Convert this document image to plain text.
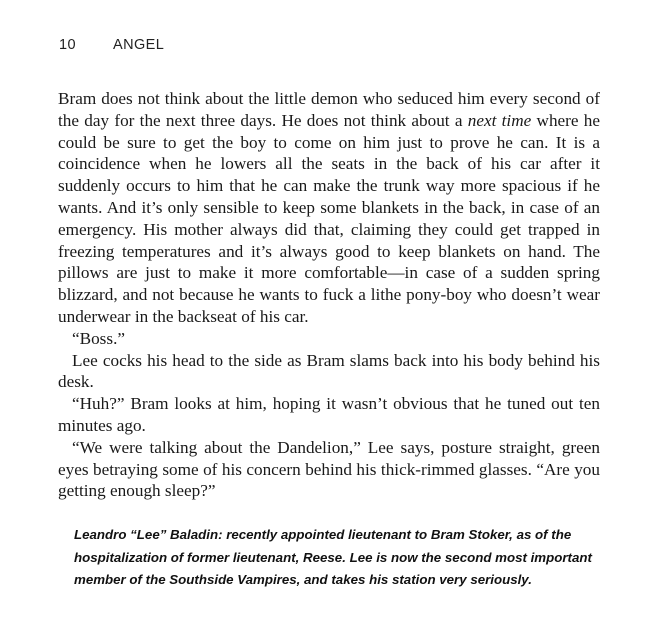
10	ANGEL

Bram does not think about the little demon who seduced him every second of the day for the next three days. He does not think about a next time where he could be sure to get the boy to come on him just to prove he can. It is a coincidence when he lowers all the seats in the back of his car after it suddenly occurs to him that he can make the trunk way more spacious if he wants. And it’s only sensible to keep some blankets in the back, in case of an emergency. His mother always did that, claiming they could get trapped in freezing temperatures and it’s always good to keep blankets on hand. The pillows are just to make it more comfortable—in case of a sudden spring blizzard, and not because he wants to fuck a lithe pony-boy who doesn’t wear underwear in the backseat of his car.

“Boss.”

Lee cocks his head to the side as Bram slams back into his body behind his desk.

“Huh?” Bram looks at him, hoping it wasn’t obvious that he tuned out ten minutes ago.

“We were talking about the Dandelion,” Lee says, posture straight, green eyes betraying some of his concern behind his thick-rimmed glasses. “Are you getting enough sleep?”

Leandro “Lee” Baladin: recently appointed lieutenant to Bram Stoker, as of the hospitalization of former lieutenant, Reese. Lee is now the second most important member of the Southside Vampires, and takes his station very seriously.
